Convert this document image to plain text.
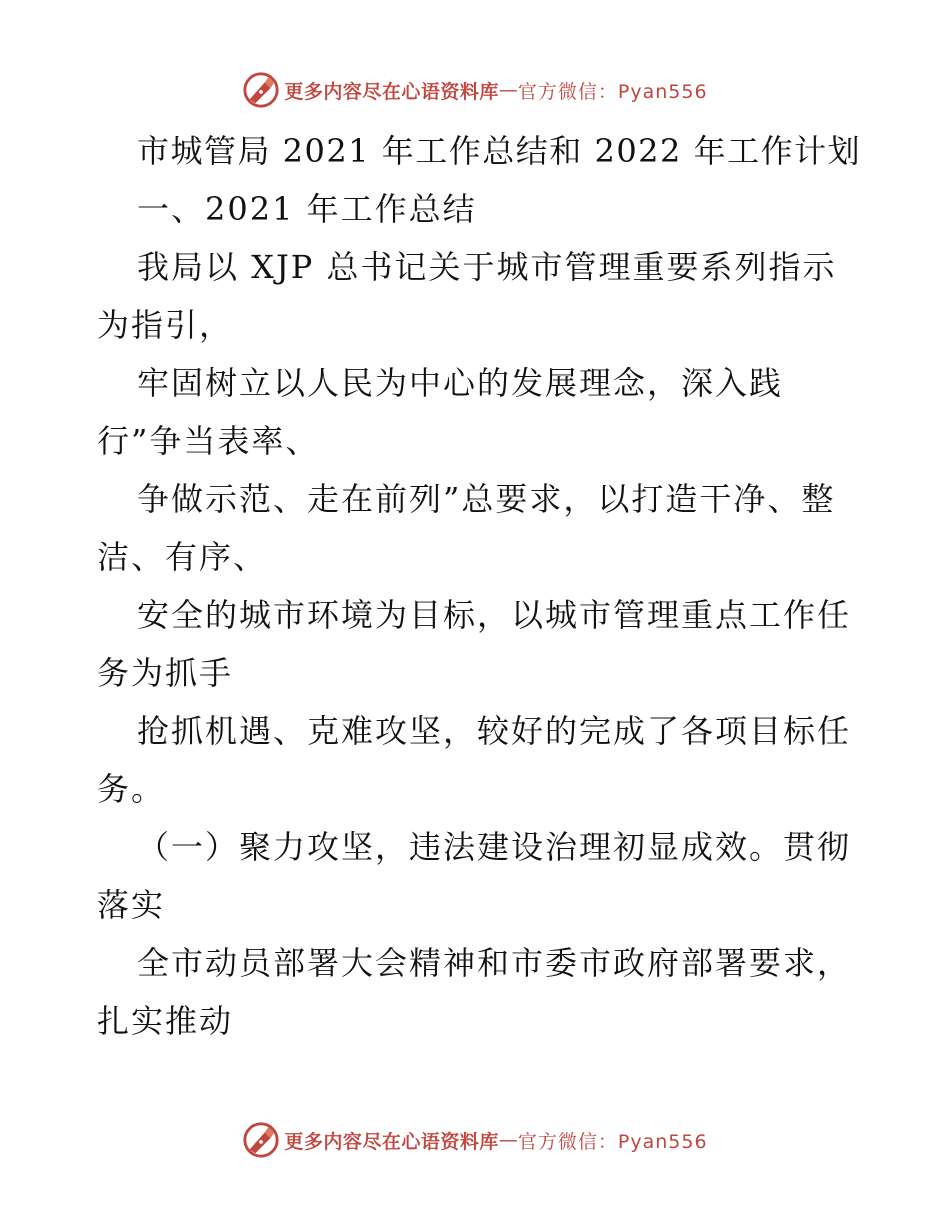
更多内容尽在心语资料库 — 官方微信：Pyan556
市城管局 2021 年工作总结和 2022 年工作计划
一、2021 年工作总结
我局以 XJP 总书记关于城市管理重要系列指示
为指引，
牢固树立以人民为中心的发展理念，深入践
行”争当表率、
争做示范、走在前列”总要求，以打造干净、整
洁、有序、
安全的城市环境为目标，以城市管理重点工作任
务为抓手
抢抓机遇、克难攻坚，较好的完成了各项目标任
务。
（一）聚力攻坚，违法建设治理初显成效。贯彻
落实
全市动员部署大会精神和市委市政府部署要求，
扎实推动
更多内容尽在心语资料库 — 官方微信：Pyan556
